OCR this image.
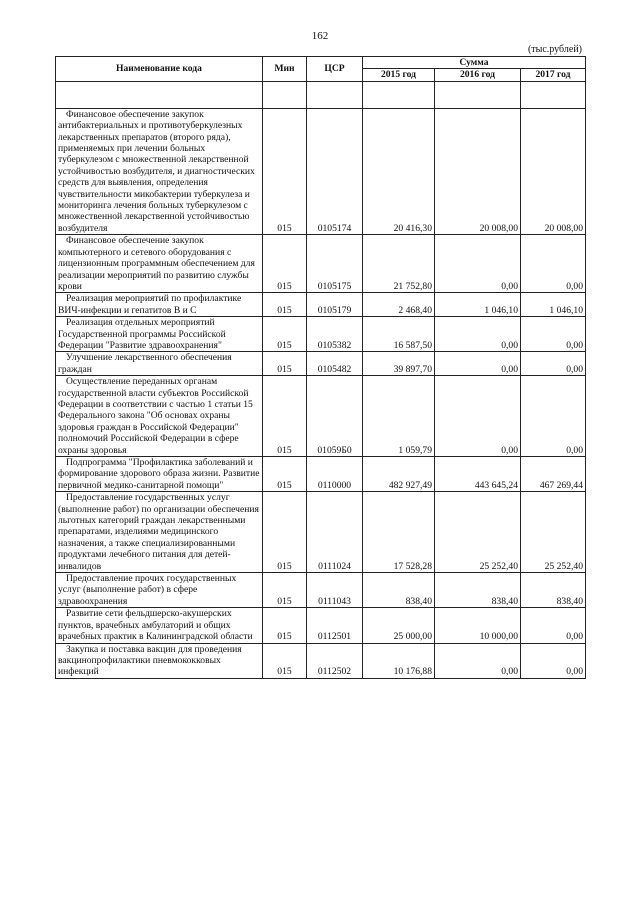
162
(тыс.рублей)
Наименование кода	Мин	ЦСР	Сумма		
			2015 год	2016 год	2017 год

Финансовое обеспечение закупок антибактериальных и противотуберкулезных лекарственных препаратов (второго ряда), применяемых при лечении больных туберкулезом с множественной лекарственной устойчивостью возбудителя, и диагностических средств для выявления, определения чувствительности микобактерии туберкулеза и мониторинга лечения больных туберкулезом с множественной лекарственной устойчивостью возбудителя	015	0105174	20 416,30	20 008,00	20 008,00

Финансовое обеспечение закупок компьютерного и сетевого оборудования с лицензионным программным обеспечением для реализации мероприятий по развитию службы крови	015	0105175	21 752,80	0,00	0,00

Реализация мероприятий по профилактике ВИЧ-инфекции и гепатитов В и С	015	0105179	2 468,40	1 046,10	1 046,10

Реализация отдельных мероприятий Государственной программы Российской Федерации "Развитие здравоохранения"	015	0105382	16 587,50	0,00	0,00

Улучшение лекарственного обеспечения граждан	015	0105482	39 897,70	0,00	0,00

Осуществление переданных органам государственной власти субъектов Российской Федерации в соответствии с частью 1 статьи 15 Федерального закона "Об основах охраны здоровья граждан в Российской Федерации" полномочий Российской Федерации в сфере охраны здоровья	015	01059Б0	1 059,79	0,00	0,00

Подпрограмма "Профилактика заболеваний и формирование здорового образа жизни. Развитие первичной медико-санитарной помощи"	015	0110000	482 927,49	443 645,24	467 269,44

Предоставление государственных услуг (выполнение работ) по организации обеспечения льготных категорий граждан лекарственными препаратами, изделиями медицинского назначения, а также специализированными продуктами лечебного питания для детей-инвалидов	015	0111024	17 528,28	25 252,40	25 252,40

Предоставление прочих государственных услуг (выполнение работ) в сфере здравоохранения	015	0111043	838,40	838,40	838,40

Развитие сети фельдшерско-акушерских пунктов, врачебных амбулаторий и общих врачебных практик в Калининградской области	015	0112501	25 000,00	10 000,00	0,00

Закупка и поставка вакцин для проведения вакцинопрофилактики пневмококковых инфекций	015	0112502	10 176,88	0,00	0,00
